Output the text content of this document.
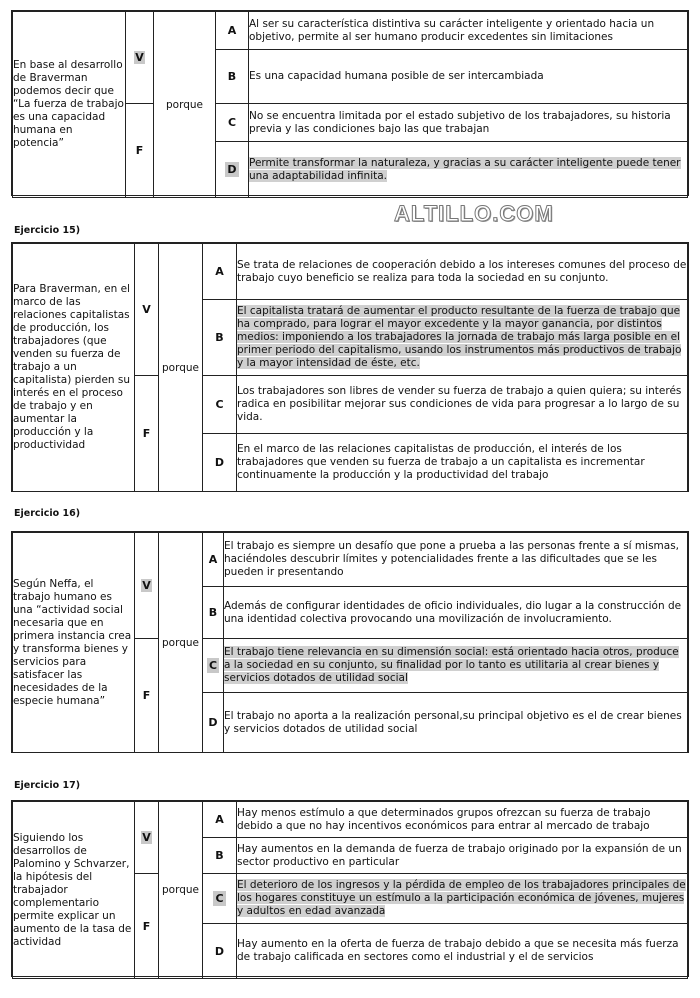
En base al desarrollo de Braverman podemos decir que “La fuerza de trabajo es una capacidad humana en potencia”	V	porque	A	Al ser su característica distintiva su carácter inteligente y orientado hacia un objetivo, permite al ser humano producir excedentes sin limitaciones
			B	Es una capacidad humana posible de ser intercambiada
	F		C	No se encuentra limitada por el estado subjetivo de los trabajadores, su historia previa y las condiciones bajo las que trabajan
			D	Permite transformar la naturaleza, y gracias a su carácter inteligente puede tener una adaptabilidad infinita.
ALTILLO.COM
Ejercicio 15)
Para Braverman, en el marco de las relaciones capitalistas de producción, los trabajadores (que venden su fuerza de trabajo a un capitalista) pierden su interés en el proceso de trabajo y en aumentar la producción y la productividad	V	porque	A	Se trata de relaciones de cooperación debido a los intereses comunes del proceso de trabajo cuyo beneficio se realiza para toda la sociedad en su conjunto.
			B	El capitalista tratará de aumentar el producto resultante de la fuerza de trabajo que ha comprado, para lograr el mayor excedente y la mayor ganancia, por distintos medios: imponiendo a los trabajadores la jornada de trabajo más larga posible en el primer periodo del capitalismo, usando los instrumentos más productivos de trabajo y la mayor intensidad de éste, etc.
	F		C	Los trabajadores son libres de vender su fuerza de trabajo a quien quiera; su interés radica en posibilitar mejorar sus condiciones de vida para progresar a lo largo de su vida.
			D	En el marco de las relaciones capitalistas de producción, el interés de los trabajadores que venden su fuerza de trabajo a un capitalista es incrementar continuamente la producción y la productividad del trabajo
Ejercicio 16)
Según Neffa, el trabajo humano es una “actividad social necesaria que en primera instancia crea y transforma bienes y servicios para satisfacer las necesidades de la especie humana”	V	porque	A	El trabajo es siempre un desafío que pone a prueba a las personas frente a sí mismas, haciéndoles descubrir límites y potencialidades frente a las dificultades que se les pueden ir presentando
			B	Además de configurar identidades de oficio individuales, dio lugar a la construcción de una identidad colectiva provocando una movilización de involucramiento.
	F		C	El trabajo tiene relevancia en su dimensión social: está orientado hacia otros, produce a la sociedad en su conjunto, su finalidad por lo tanto es utilitaria al crear bienes y servicios dotados de utilidad social
			D	El trabajo no aporta a la realización personal,su principal objetivo es el de crear bienes y servicios dotados de utilidad social
Ejercicio 17)
Siguiendo los desarrollos de Palomino y Schvarzer, la hipótesis del trabajador complementario permite explicar un aumento de la tasa de actividad	V	porque	A	Hay menos estímulo a que determinados grupos ofrezcan su fuerza de trabajo debido a que no hay incentivos económicos para entrar al mercado de trabajo
			B	Hay aumentos en la demanda de fuerza de trabajo originado por la expansión de un sector productivo en particular
	F		C	El deterioro de los ingresos y la pérdida de empleo de los trabajadores principales de los hogares constituye un estímulo a la participación económica de jóvenes, mujeres y adultos en edad avanzada
			D	Hay aumento en la oferta de fuerza de trabajo debido a que se necesita más fuerza de trabajo calificada en sectores como el industrial y el de servicios
